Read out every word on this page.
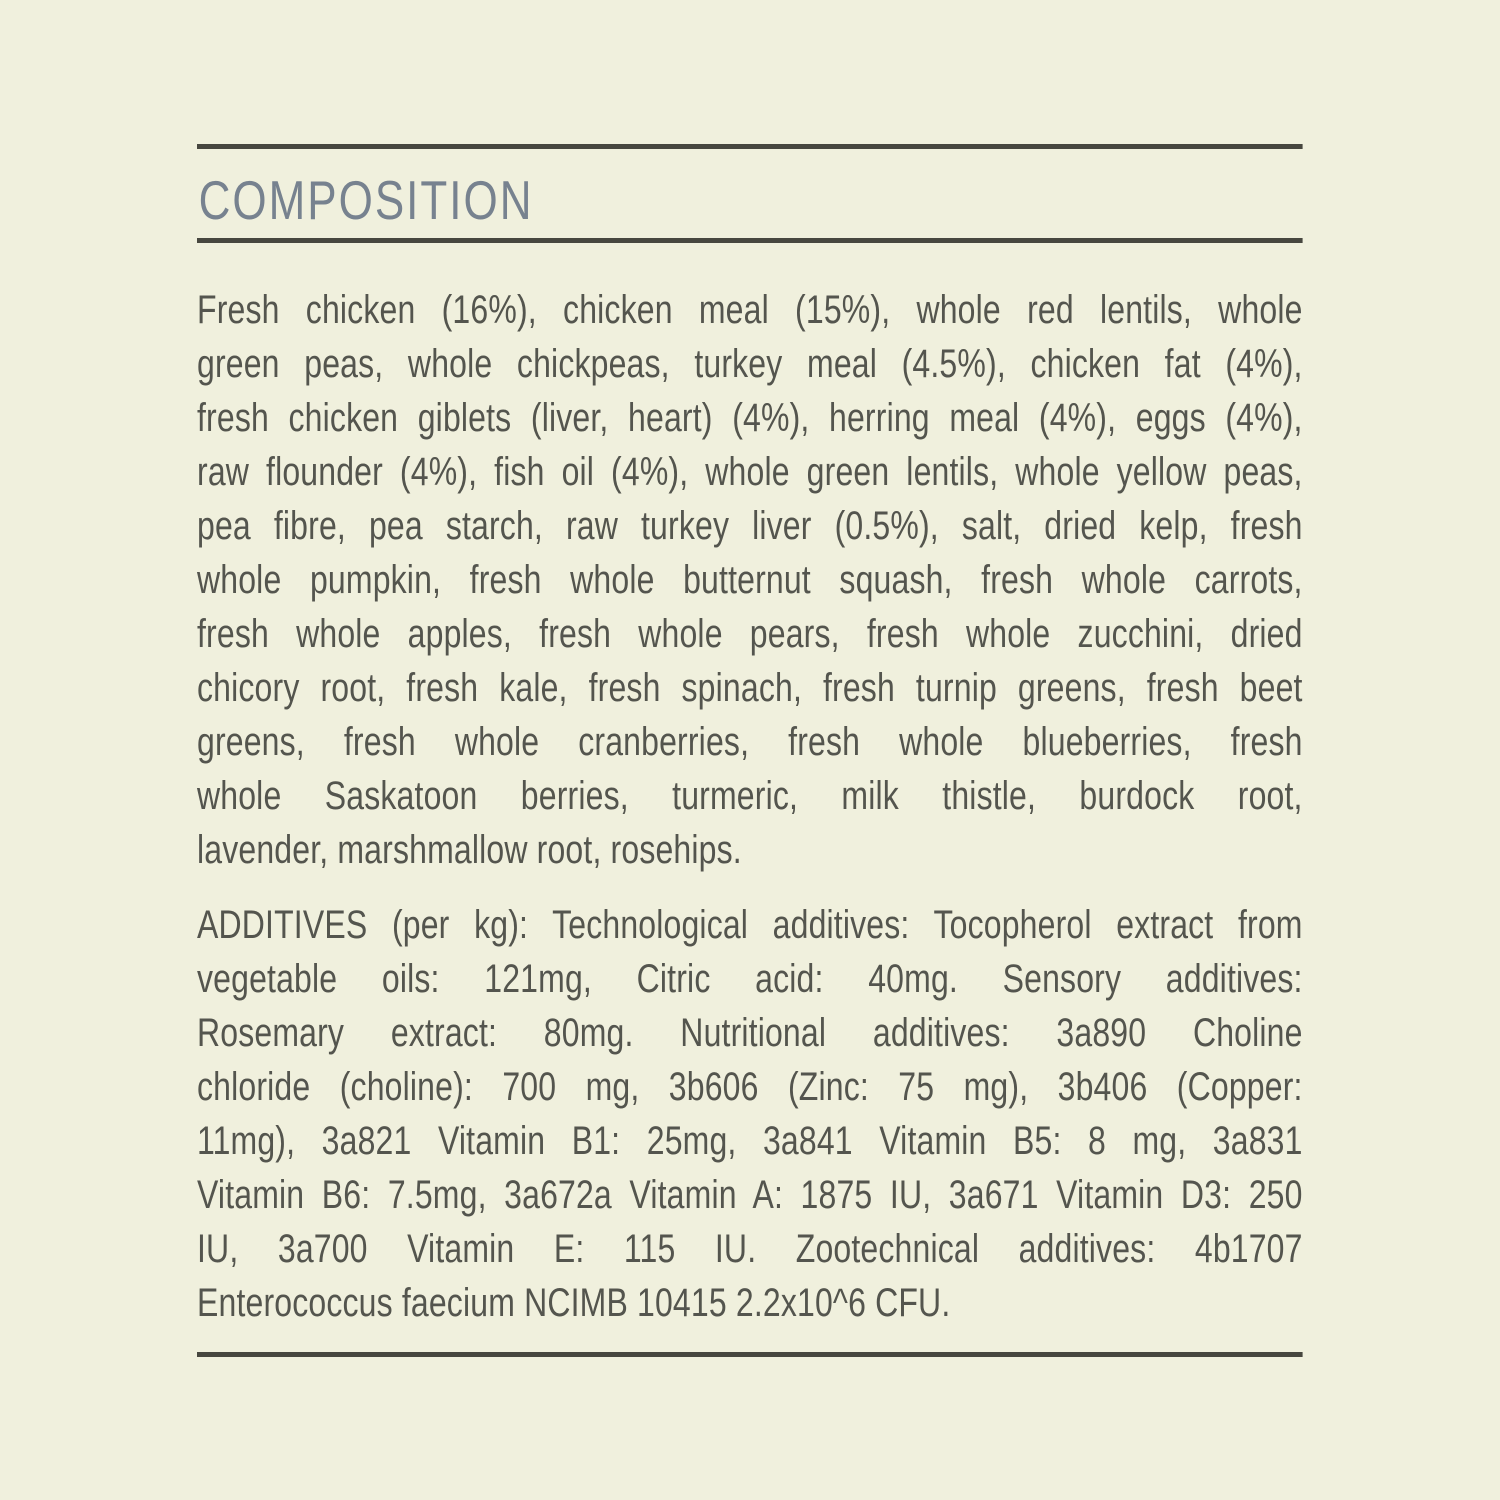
COMPOSITION
Fresh chicken (16%), chicken meal (15%), whole red lentils, whole
green peas, whole chickpeas, turkey meal (4.5%), chicken fat (4%),
fresh chicken giblets (liver, heart) (4%), herring meal (4%), eggs (4%),
raw flounder (4%), fish oil (4%), whole green lentils, whole yellow peas,
pea fibre, pea starch, raw turkey liver (0.5%), salt, dried kelp, fresh
whole pumpkin, fresh whole butternut squash, fresh whole carrots,
fresh whole apples, fresh whole pears, fresh whole zucchini, dried
chicory root, fresh kale, fresh spinach, fresh turnip greens, fresh beet
greens, fresh whole cranberries, fresh whole blueberries, fresh
whole Saskatoon berries, turmeric, milk thistle, burdock root,
lavender, marshmallow root, rosehips.
ADDITIVES (per kg): Technological additives: Tocopherol extract from
vegetable oils: 121mg, Citric acid: 40mg. Sensory additives:
Rosemary extract: 80mg. Nutritional additives: 3a890 Choline
chloride (choline): 700 mg, 3b606 (Zinc: 75 mg), 3b406 (Copper:
11mg), 3a821 Vitamin B1: 25mg, 3a841 Vitamin B5: 8 mg, 3a831
Vitamin B6: 7.5mg, 3a672a Vitamin A: 1875 IU, 3a671 Vitamin D3: 250
IU, 3a700 Vitamin E: 115 IU. Zootechnical additives: 4b1707
Enterococcus faecium NCIMB 10415 2.2x10^6 CFU.
